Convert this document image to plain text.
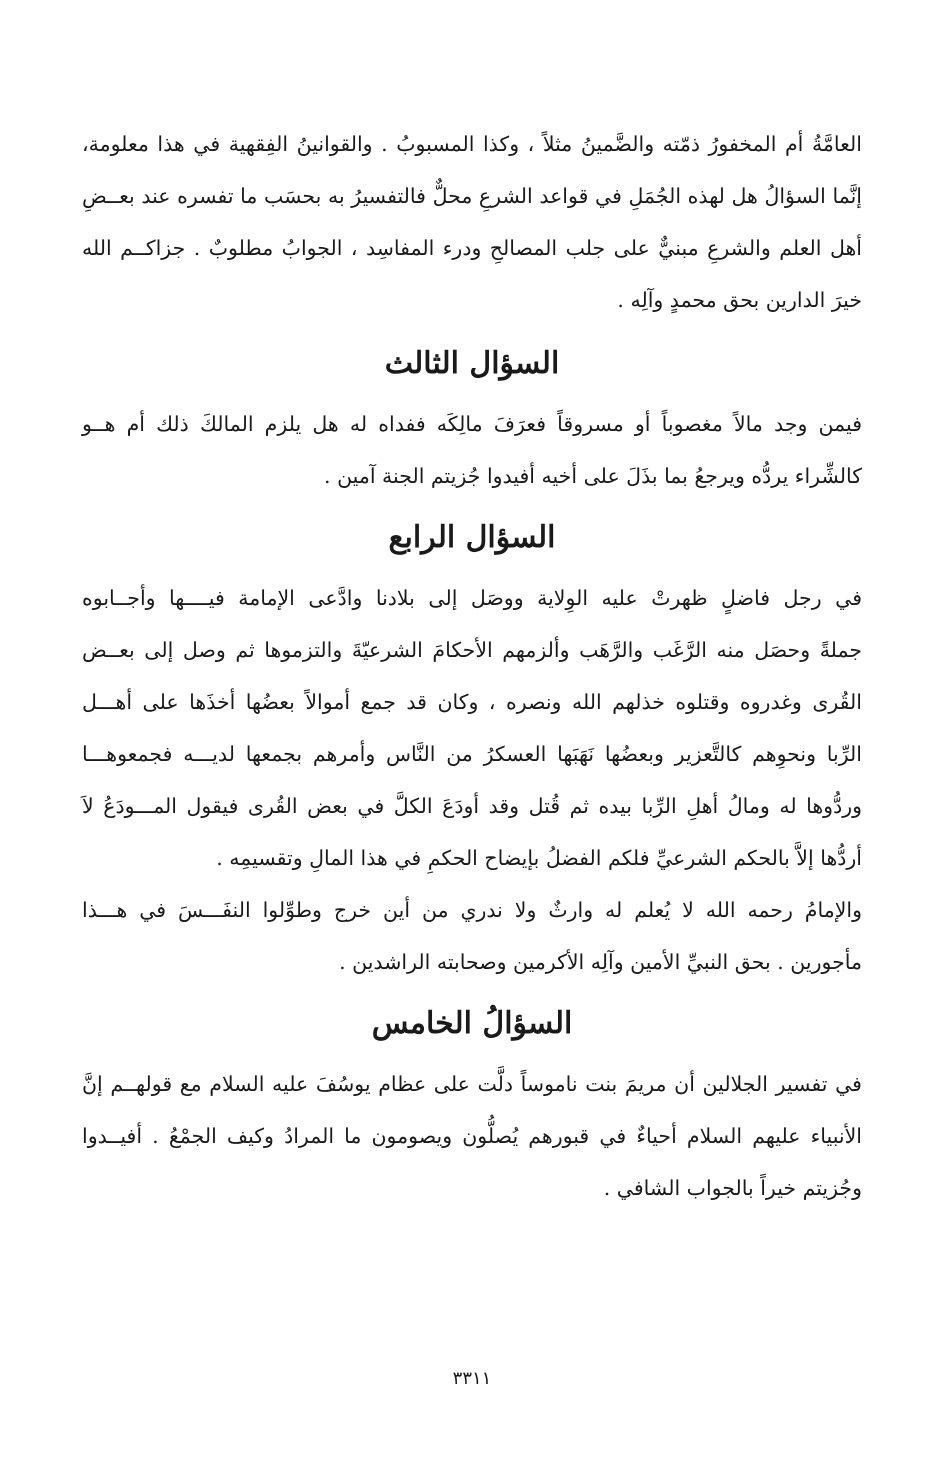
العامَّةُ أم المخفورُ ذمّته والضَّمينُ مثلاً ، وكذا المسبوبُ . والقوانينُ الفِقهية في هذا معلومة،
إنَّما السؤالُ هل لهذه الجُمَلِ في قواعد الشرعِ محلٌّ فالتفسيرُ به بحسَب ما تفسره عند بعــضِ
أهل العلم والشرعِ مبنيٌّ على جلب المصالحِ ودرء المفاسِد ، الجوابُ مطلوبٌ . جزاكــم الله
خيرَ الدارين بحق محمدٍ وآلِه .
السؤال الثالث
فيمن وجد مالاً مغصوباً أو مسروقاً فعرَفَ مالِكَه ففداه له هل يلزم المالكَ ذلك أم هــو
كالشِّراء يردُّه ويرجعُ بما بذَلَ على أخيه أفيدوا جُزيتم الجنة آمين .
السؤال الرابع
في رجل فاضلٍ ظهرتْ عليه الوِلاية ووصَل إلى بلادنا وادَّعى الإمامة فيــــها وأجــابوه
جملةً وحصَل منه الرَّغَب والرَّهَب وألزمهم الأحكامَ الشرعيّةَ والتزموها ثم وصل إلى بعــض
القُرى وغدروه وقتلوه خذلهم الله ونصره ، وكان قد جمع أموالاً بعضُها أخذَها على أهـــل
الرِّبا ونحوِهم كالتَّعزير وبعضُها نَهَبَها العسكرُ من النَّاس وأمرهم بجمعها لديـــه فجمعوهـــا
وردُّوها له ومالُ أهلِ الرِّبا بيده ثم قُتل وقد أودَعَ الكلَّ في بعض القُرى فيقول المـــودَعُ لاَ
أردُّها إلاَّ بالحكم الشرعيِّ فلكم الفضلُ بإيضاح الحكمِ في هذا المالِ وتقسيمِه .
والإمامُ رحمه الله لا يُعلم له وارثٌ ولا ندري من أين خرج وطوِّلوا النفَـــسَ في هـــذا
مأجورين . بحق النبيِّ الأمين وآلِه الأكرمين وصحابته الراشدين .
السؤالُ الخامس
في تفسير الجلالين أن مريمَ بنت ناموساً دلَّت على عظام يوسُفَ عليه السلام مع قولهــم إنَّ
الأنبياء عليهم السلام أحياءٌ في قبورهم يُصلُّون ويصومون ما المرادُ وكيف الجمْعُ . أفيــدوا
وجُزيتم خيراً بالجواب الشافي .
٣٣١١
